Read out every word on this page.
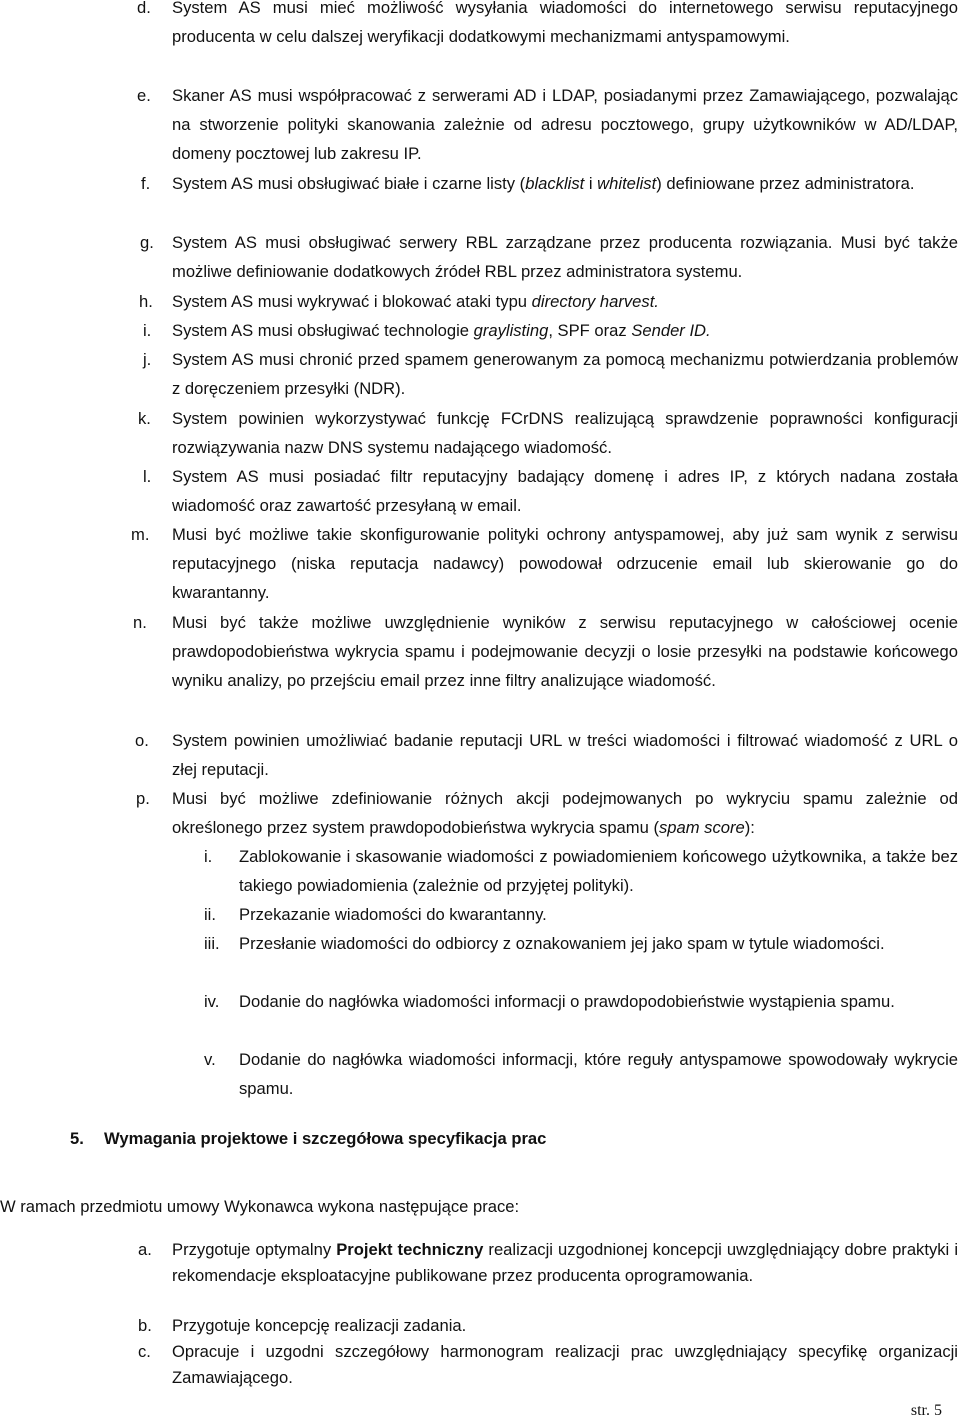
d. System AS musi mieć możliwość wysyłania wiadomości do internetowego serwisu reputacyjnego producenta w celu dalszej weryfikacji dodatkowymi mechanizmami antyspamowymi.
e. Skaner AS musi współpracować z serwerami AD i LDAP, posiadanymi przez Zamawiającego, pozwalając na stworzenie polityki skanowania zależnie od adresu pocztowego, grupy użytkowników w AD/LDAP, domeny pocztowej lub zakresu IP.
f. System AS musi obsługiwać białe i czarne listy (blacklist i whitelist) definiowane przez administratora.
g. System AS musi obsługiwać serwery RBL zarządzane przez producenta rozwiązania. Musi być także możliwe definiowanie dodatkowych źródeł RBL przez administratora systemu.
h. System AS musi wykrywać i blokować ataki typu directory harvest.
i. System AS musi obsługiwać technologie graylisting, SPF oraz Sender ID.
j. System AS musi chronić przed spamem generowanym za pomocą mechanizmu potwierdzania problemów z doręczeniem przesyłki (NDR).
k. System powinien wykorzystywać funkcję FCrDNS realizującą sprawdzenie poprawności konfiguracji rozwiązywania nazw DNS systemu nadającego wiadomość.
l. System AS musi posiadać filtr reputacyjny badający domenę i adres IP, z których nadana została wiadomość oraz zawartość przesyłaną w email.
m. Musi być możliwe takie skonfigurowanie polityki ochrony antyspamowej, aby już sam wynik z serwisu reputacyjnego (niska reputacja nadawcy) powodował odrzucenie email lub skierowanie go do kwarantanny.
n. Musi być także możliwe uwzględnienie wyników z serwisu reputacyjnego w całościowej ocenie prawdopodobieństwa wykrycia spamu i podejmowanie decyzji o losie przesyłki na podstawie końcowego wyniku analizy, po przejściu email przez inne filtry analizujące wiadomość.
o. System powinien umożliwiać badanie reputacji URL w treści wiadomości i filtrować wiadomość z URL o złej reputacji.
p. Musi być możliwe zdefiniowanie różnych akcji podejmowanych po wykryciu spamu zależnie od określonego przez system prawdopodobieństwa wykrycia spamu (spam score):
i. Zablokowanie i skasowanie wiadomości z powiadomieniem końcowego użytkownika, a także bez takiego powiadomienia (zależnie od przyjętej polityki).
ii. Przekazanie wiadomości do kwarantanny.
iii. Przesłanie wiadomości do odbiorcy z oznakowaniem jej jako spam w tytule wiadomości.
iv. Dodanie do nagłówka wiadomości informacji o prawdopodobieństwie wystąpienia spamu.
v. Dodanie do nagłówka wiadomości informacji, które reguły antyspamowe spowodowały wykrycie spamu.
5. Wymagania projektowe i szczegółowa specyfikacja prac
W ramach przedmiotu umowy Wykonawca wykona następujące prace:
a. Przygotuje optymalny Projekt techniczny realizacji uzgodnionej koncepcji uwzględniający dobre praktyki i rekomendacje eksploatacyjne publikowane przez producenta oprogramowania.
b. Przygotuje koncepcję realizacji zadania.
c. Opracuje i uzgodni szczegółowy harmonogram realizacji prac uwzględniający specyfikę organizacji Zamawiającego.
str. 5
